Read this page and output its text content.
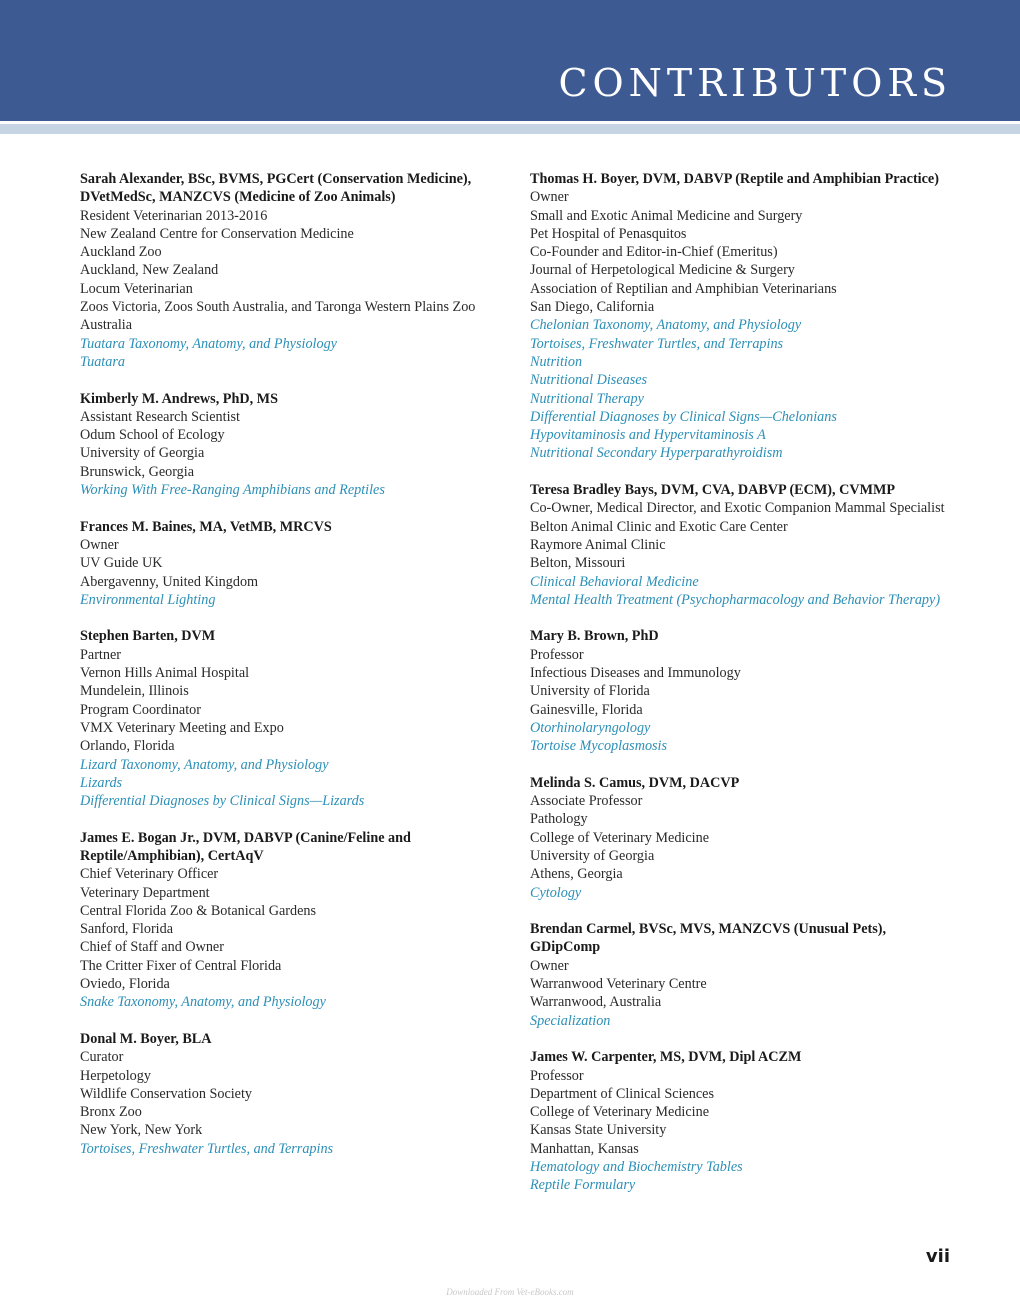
CONTRIBUTORS
Sarah Alexander, BSc, BVMS, PGCert (Conservation Medicine),
DVetMedSc, MANZCVS (Medicine of Zoo Animals)
Resident Veterinarian 2013-2016
New Zealand Centre for Conservation Medicine
Auckland Zoo
Auckland, New Zealand
Locum Veterinarian
Zoos Victoria, Zoos South Australia, and Taronga Western Plains Zoo
Australia
Tuatara Taxonomy, Anatomy, and Physiology
Tuatara
Kimberly M. Andrews, PhD, MS
Assistant Research Scientist
Odum School of Ecology
University of Georgia
Brunswick, Georgia
Working With Free-Ranging Amphibians and Reptiles
Frances M. Baines, MA, VetMB, MRCVS
Owner
UV Guide UK
Abergavenny, United Kingdom
Environmental Lighting
Stephen Barten, DVM
Partner
Vernon Hills Animal Hospital
Mundelein, Illinois
Program Coordinator
VMX Veterinary Meeting and Expo
Orlando, Florida
Lizard Taxonomy, Anatomy, and Physiology
Lizards
Differential Diagnoses by Clinical Signs—Lizards
James E. Bogan Jr., DVM, DABVP (Canine/Feline and
Reptile/Amphibian), CertAqV
Chief Veterinary Officer
Veterinary Department
Central Florida Zoo & Botanical Gardens
Sanford, Florida
Chief of Staff and Owner
The Critter Fixer of Central Florida
Oviedo, Florida
Snake Taxonomy, Anatomy, and Physiology
Donal M. Boyer, BLA
Curator
Herpetology
Wildlife Conservation Society
Bronx Zoo
New York, New York
Tortoises, Freshwater Turtles, and Terrapins
Thomas H. Boyer, DVM, DABVP (Reptile and Amphibian Practice)
Owner
Small and Exotic Animal Medicine and Surgery
Pet Hospital of Penasquitos
Co-Founder and Editor-in-Chief (Emeritus)
Journal of Herpetological Medicine & Surgery
Association of Reptilian and Amphibian Veterinarians
San Diego, California
Chelonian Taxonomy, Anatomy, and Physiology
Tortoises, Freshwater Turtles, and Terrapins
Nutrition
Nutritional Diseases
Nutritional Therapy
Differential Diagnoses by Clinical Signs—Chelonians
Hypovitaminosis and Hypervitaminosis A
Nutritional Secondary Hyperparathyroidism
Teresa Bradley Bays, DVM, CVA, DABVP (ECM), CVMMP
Co-Owner, Medical Director, and Exotic Companion Mammal Specialist
Belton Animal Clinic and Exotic Care Center
Raymore Animal Clinic
Belton, Missouri
Clinical Behavioral Medicine
Mental Health Treatment (Psychopharmacology and Behavior Therapy)
Mary B. Brown, PhD
Professor
Infectious Diseases and Immunology
University of Florida
Gainesville, Florida
Otorhinolaryngology
Tortoise Mycoplasmosis
Melinda S. Camus, DVM, DACVP
Associate Professor
Pathology
College of Veterinary Medicine
University of Georgia
Athens, Georgia
Cytology
Brendan Carmel, BVSc, MVS, MANZCVS (Unusual Pets),
GDipComp
Owner
Warranwood Veterinary Centre
Warranwood, Australia
Specialization
James W. Carpenter, MS, DVM, Dipl ACZM
Professor
Department of Clinical Sciences
College of Veterinary Medicine
Kansas State University
Manhattan, Kansas
Hematology and Biochemistry Tables
Reptile Formulary
vii
Downloaded From Vet-eBooks.com
